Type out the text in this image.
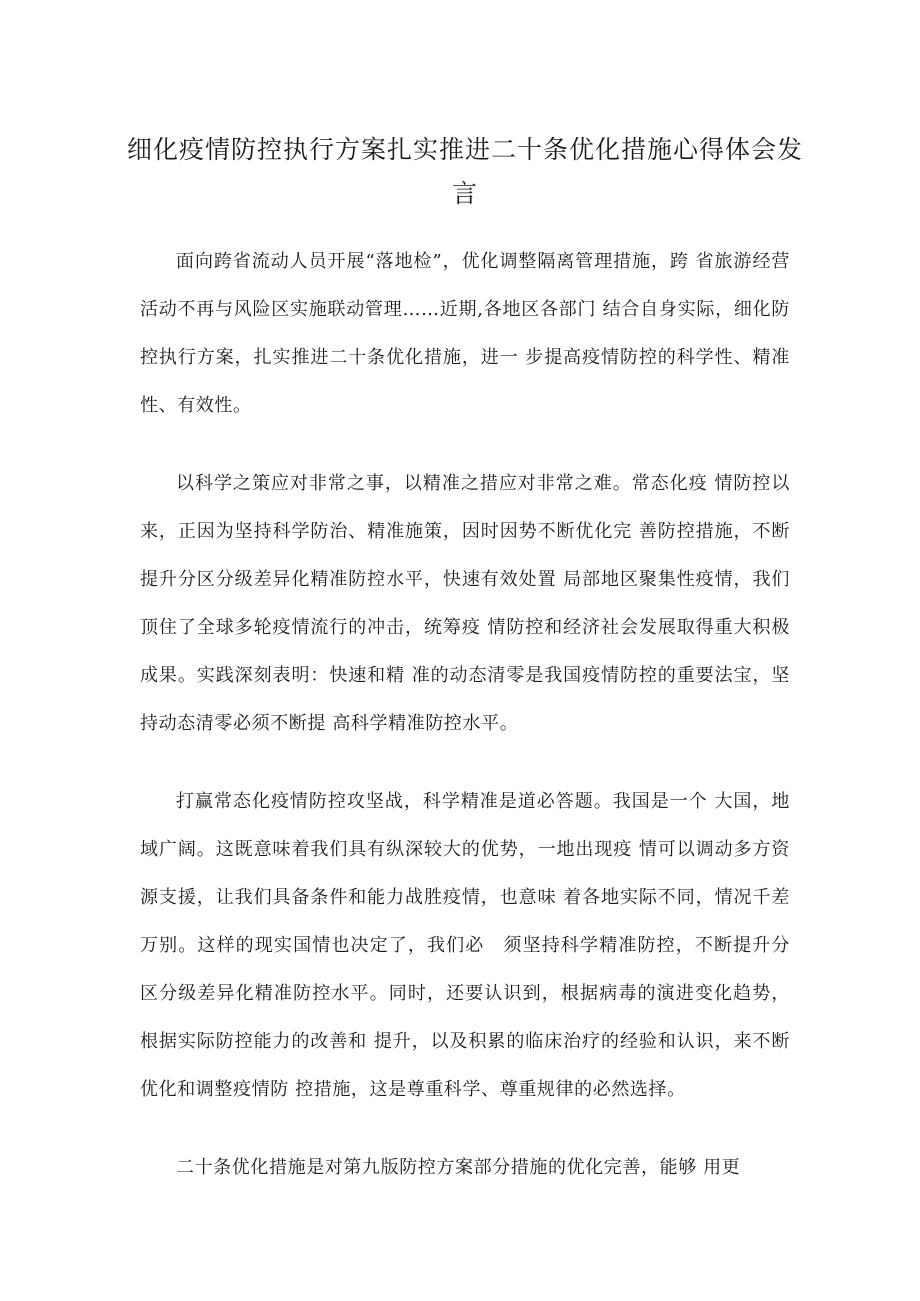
细化疫情防控执行方案扎实推进二十条优化措施心得体会发言

面向跨省流动人员开展“落地检”，优化调整隔离管理措施，跨 省旅游经营活动不再与风险区实施联动管理……近期,各地区各部门 结合自身实际，细化防控执行方案，扎实推进二十条优化措施，进一 步提高疫情防控的科学性、精准性、有效性。

以科学之策应对非常之事，以精准之措应对非常之难。常态化疫 情防控以来，正因为坚持科学防治、精准施策，因时因势不断优化完 善防控措施，不断提升分区分级差异化精准防控水平，快速有效处置 局部地区聚集性疫情，我们顶住了全球多轮疫情流行的冲击，统筹疫 情防控和经济社会发展取得重大积极成果。实践深刻表明：快速和精 准的动态清零是我国疫情防控的重要法宝，坚持动态清零必须不断提 高科学精准防控水平。

打赢常态化疫情防控攻坚战，科学精准是道必答题。我国是一个 大国，地域广阔。这既意味着我们具有纵深较大的优势，一地出现疫 情可以调动多方资源支援，让我们具备条件和能力战胜疫情，也意味 着各地实际不同，情况千差万别。这样的现实国情也决定了，我们必　须坚持科学精准防控，不断提升分区分级差异化精准防控水平。同时，还要认识到，根据病毒的演进变化趋势，根据实际防控能力的改善和 提升，以及积累的临床治疗的经验和认识，来不断优化和调整疫情防 控措施，这是尊重科学、尊重规律的必然选择。

二十条优化措施是对第九版防控方案部分措施的优化完善，能够 用更
